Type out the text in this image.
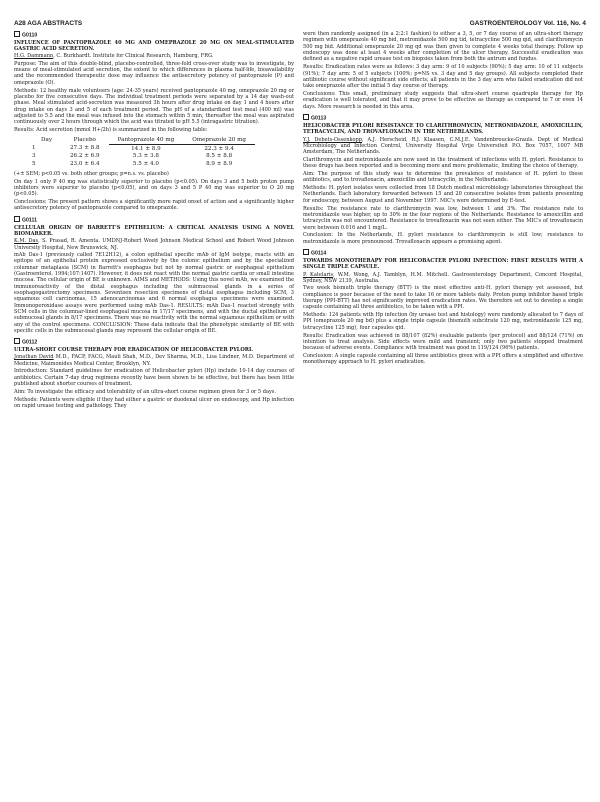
A28 AGA ABSTRACTS	GASTROENTEROLOGY Vol. 116, No. 4
G0110
INFLUENCE OF PANTOPRAZOLE 40 MG AND OMEPRAZOLE 20 MG ON MEAL-STIMULATED GASTRIC ACID SECRETION.
H.G. Dammann, C. Burkhardt. Institute for Clinical Research, Hamburg, FRG.

Purpose: The aim of this double-blind, placebo-controlled, three-fold cross-over study was to investigate, by means of meal-stimulated acid secretion, the extent to which differences in plasma half-life, bioavailability and the recommended therapeutic dose may influence the antisecretory potency of pantoprazole (P) and omeprazole (O).

Methods: 12 healthy male volunteers (age: 24-35 years) received pantoprazole 40 mg, omeprazole 20 mg or placebo for five consecutive days. The individual treatment periods were separated by a 14 day wash-out phase. Meal stimulated acid-secretion was measured 3h hours after drug intake on day 1 and 4 hours after drug intake on days 3 and 5 of each treatment period. The pH of a standardized test meal (400 ml) was adjusted to 5.5 and the meal was infused into the stomach within 5 min, thereafter the meal was aspirated continuously over 2 hours through which the acid was titrated to pH 5.5 (intragastric titration).

Results: Acid secretion (mmol H+/2h) is summarized in the following table:

Day	Placebo	Pantoprazole 40 mg	Omeprazole 20 mg
1	27.3 ± 8.8	14.1 ± 8.9	22.3 ± 9.4
3	26.2 ± 6.9	5.3 ± 3.8	8.5 ± 8.8
5	23.0 ± 6.4	5.5 ± 4.0	8.9 ± 8.9

(+± SEM; p<0.05 vs. both other groups; p=n.s. vs. placebo)

On day 1 only P 40 mg was statistically superior to placebo (p<0.05). On days 3 and 5 both proton pump inhibitors were superior to placebo (p<0.05), and on days 3 and 5 P 40 mg was superior to O 20 mg (p<0.05).

Conclusions: The present pattern shows a significantly more rapid onset of action and a significantly higher antisecretory potency of pantoprazole compared to omeprazole.

G0111
CELLULAR ORIGIN OF BARRETT'S EPITHELIUM: A CRITICAL ANALYSIS USING A NOVEL BIOMARKER.
K.M. Das, S. Prasad, R. Amenta. UMDNJ-Robert Wood Johnson Medical School and Robert Wood Johnson University Hospital, New Brunswick, NJ.

mAb Das-1 (previously called 7E12H12), a colon epithelial specific mAb of IgM isotype, reacts with an epitope of an epithelial protein expressed exclusively by the colonic epithelium and by the specialized columnar metaplasia (SCM) in Barrett's esophagus but not by normal gastric or esophageal epithelium (Gastroenterol. 1994;107:1407). However, it does not react with the normal gastric cardia or small intestine mucosa. The cellular origin of BE is unknown. AIMS and METHODS: Using this novel mAb, we examined the immunoreactivity of the distal esophagus including the submucosal glands in a series of esophagogastrectomy specimens. Seventeen resection specimens of distal esophagus including SCM, 3 squamous cell carcinomas, 15 adenocarcinomas and 6 normal esophagus specimens were examined. Immunoperoxidase assays were performed using mAb Das-1. RESULTS: mAb Das-1 reacted strongly with SCM cells in the columnar-lined esophageal mucosa in 17/17 specimens, and with the ductal epithelium of submucosal glands in 8/17 specimens. There was no reactivity with the normal squamous epithelium or with any of the control specimens. CONCLUSION: These data indicate that the phenotypic similarity of BE with specific cells in the submucosal glands may represent the cellular origin of BE.

G0112
ULTRA-SHORT COURSE THERAPY FOR ERADICATION OF HELICOBACTER PYLORI.
Jonathan David M.D., FACP, FACG, Mauli Shah, M.D., Dev Sharma, M.D., Lisa Lindner, M.D. Department of Medicine, Maimonides Medical Center, Brooklyn, NY.

Introduction: Standard guidelines for eradication of Helicobacter pylori (Hp) include 10-14 day courses of antibiotics. Certain 7-day drug regimens recently have been shown to be effective, but there has been little published about shorter courses of treatment.

Aim: To investigate the efficacy and tolerability of an ultra-short course regimen given for 3 or 5 days.

Methods: Patients were eligible if they had either a gastric or duodenal ulcer on endoscopy, and Hp infection on rapid urease testing and pathology. They

were then randomly assigned (in a 2:2:1 fashion) to either a 3, 5, or 7 day course of an ultra-short therapy regimen with omeprazole 40 mg bid, metronidazole 500 mg tid, tetracycline 500 mg qid, and clarithromycin 500 mg bid. Additional omeprazole 20 mg qd was then given to complete 4 weeks total therapy. Follow up endoscopy was done at least 4 weeks after completion of the ulcer therapy. Successful eradication was defined as a negative rapid urease test on biopsies taken from both the antrum and fundus.

Results: Eradication rates were as follows: 3 day arm: 9 of 10 subjects (90%); 5 day arm: 10 of 11 subjects (91%); 7 day arm: 5 of 5 subjects (100%; p=NS vs. 3 day and 5 day groups). All subjects completed their antibiotic course without significant side effects; all patients in the 3 day arm who failed eradication did not take omeprazole after the initial 5 day course of therapy.

Conclusions: This small, preliminary study suggests that ultra-short course quadruple therapy for Hp eradication is well tolerated, and that it may prove to be effective as therapy as compared to 7 or even 14 days. More research is needed in this area.

G0113
HELICOBACTER PYLORI RESISTANCE TO CLARITHROMYCIN, METRONIDAZOLE, AMOXICILLIN, TETRACYCLIN, AND TROVAFLOXACIN IN THE NETHERLANDS.
Y.J. Debets-Ossenkopp, A.J. Herscheid, R.J. Klaasen, C.M.J.E. Vandenbroucke-Grauls. Dept of Medical Microbiology and Infection Control, University Hospital Vrije Universiteit P.O. Box 7057, 1007 MB Amsterdam, The Netherlands.

Clarithromycin and metronidazole are now used in the treatment of infections with H. pylori. Resistance to these drugs has been reported and is becoming more and more problematic, limiting the choice of therapy.

Aim: The purpose of this study was to determine the prevalence of resistance of H. pylori to these antibiotics, and to trovafloxacin, amoxicillin and tetracyclin, in the Netherlands.

Methods: H. pylori isolates were collected from 18 Dutch medical microbiology laboratories throughout the Netherlands. Each laboratory forwarded between 15 and 20 consecutive isolates from patients presenting for endoscopy, between August and November 1997. MIC's were determined by E-test.

Results: The resistance rate to clarithromycin was low, between 1 and 3%. The resistance rate to metronidazole was higher, up to 30% in the four regions of the Netherlands. Resistance to amoxicillin and tetracyclin was not encountered. Resistance to trovafloxacin was not seen either. The MIC's of trovafloxacin were between 0.016 and 1 mg/L.

Conclusion: In the Netherlands, H. pylori resistance to clarithromycin is still low; resistance to metronidazole is more pronounced. Trovafloxacin appears a promising agent.

G0114
TOWARDS MONOTHERAPY FOR HELICOBACTER PYLORI INFECTION: FIRST RESULTS WITH A SINGLE TRIPLE CAPSULE.
P. Katelaris, W.M. Wong, A.J. Tamblyn, H.M. Mitchell. Gastroenterology Department, Concord Hospital, Sydney, NSW 2139, Australia.

Two week bismuth triple therapy (BTT) is the most effective anti-H. pylori therapy yet assessed, but compliance is poor because of the need to take 16 or more tablets daily. Proton pump inhibitor based triple therapy (PPI-BTT) has not significantly improved eradication rates. We therefore set out to develop a single capsule containing all three antibiotics, to be taken with a PPI.

Methods: 124 patients with Hp infection (by urease test and histology) were randomly allocated to 7 days of PPI (omeprazole 20 mg bd) plus a single triple capsule (bismuth subcitrate 120 mg, metronidazole 125 mg, tetracycline 125 mg), four capsules qid.

Results: Eradication was achieved in 88/107 (82%) evaluable patients (per protocol) and 88/124 (71%) on intention to treat analysis. Side effects were mild and transient; only two patients stopped treatment because of adverse events. Compliance with treatment was good in 119/124 (96%) patients.

Conclusion: A single capsule containing all three antibiotics given with a PPI offers a simplified and effective monotherapy approach to H. pylori eradication.
